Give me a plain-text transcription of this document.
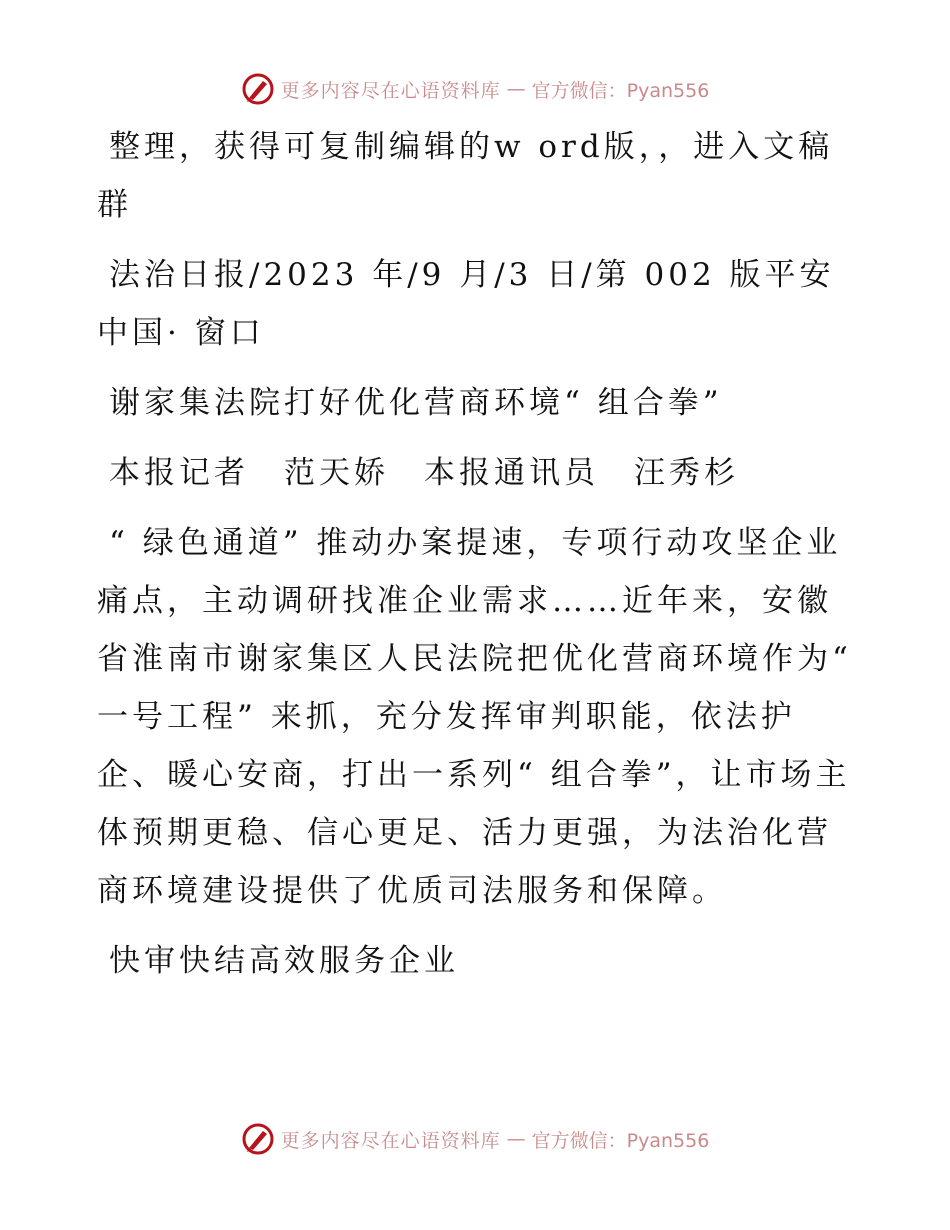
更多内容尽在心语资料库 — 官方微信：Pyan556

整理，获得可复制编辑的w ord版，，进入文稿群

法治日报/2023 年/9 月/3 日/第 002 版平安中国· 窗口

谢家集法院打好优化营商环境“ 组合拳”

本报记者　范天娇　本报通讯员　汪秀杉

“ 绿色通道” 推动办案提速，专项行动攻坚企业痛点，主动调研找准企业需求……近年来，安徽省淮南市谢家集区人民法院把优化营商环境作为“ 一号工程” 来抓，充分发挥审判职能，依法护企、暖心安商，打出一系列“ 组合拳”，让市场主体预期更稳、信心更足、活力更强，为法治化营商环境建设提供了优质司法服务和保障。

快审快结高效服务企业

更多内容尽在心语资料库 — 官方微信：Pyan556
